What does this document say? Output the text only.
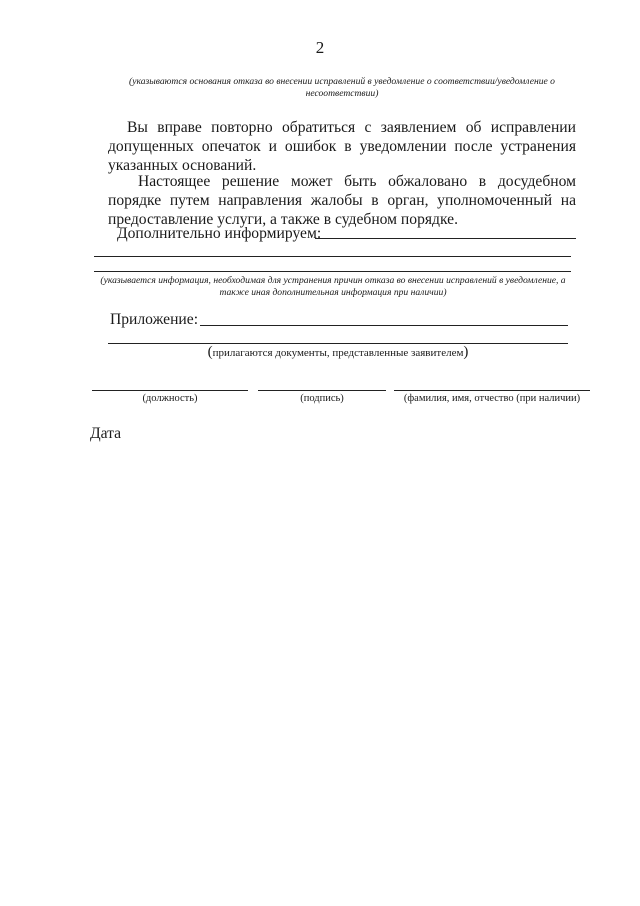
2
(указываются основания отказа во внесении исправлений в уведомление о соответствии/уведомление о несоответствии)
Вы вправе повторно обратиться с заявлением об исправлении допущенных опечаток и ошибок в уведомлении после устранения указанных оснований.
Настоящее решение может быть обжаловано в досудебном порядке путем направления жалобы в орган, уполномоченный на предоставление услуги, а также в судебном порядке.
Дополнительно информируем:
(указывается информация, необходимая для устранения причин отказа во внесении исправлений в уведомление, а также иная дополнительная информация при наличии)
Приложение:
(прилагаются документы, представленные заявителем)
(должность)	(подпись)	(фамилия, имя, отчество (при наличии)
Дата
